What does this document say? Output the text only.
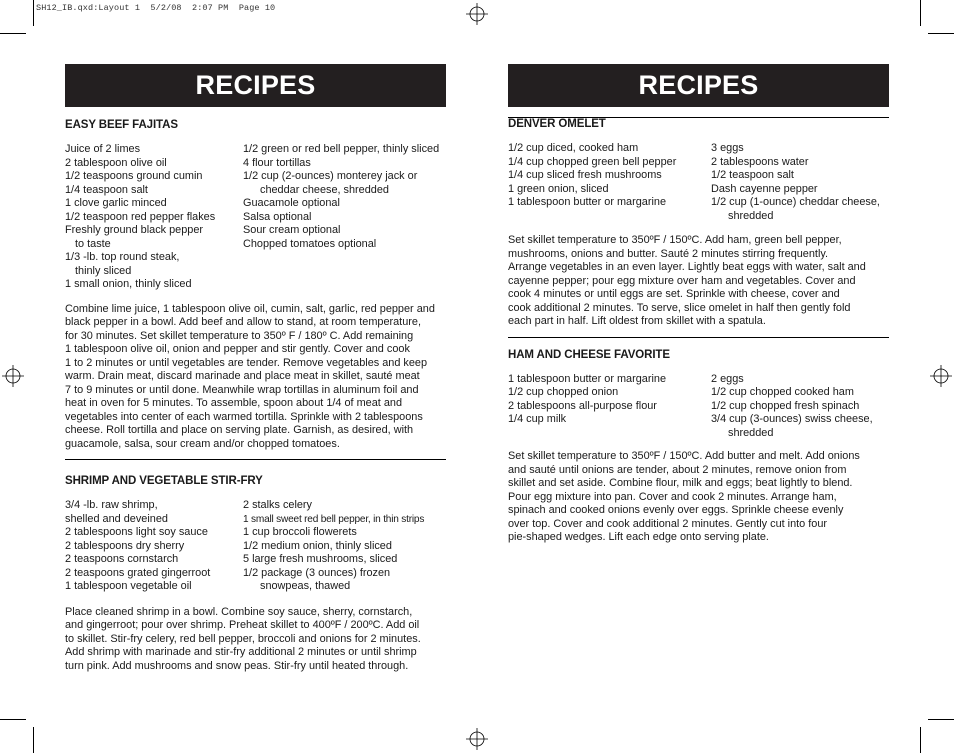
SH12_IB.qxd:Layout 1  5/2/08  2:07 PM  Page 10
RECIPES
EASY BEEF FAJITAS
Juice of 2 limes
2 tablespoon olive oil
1/2 teaspoons ground cumin
1/4 teaspoon salt
1 clove garlic minced
1/2 teaspoon red pepper flakes
Freshly ground black pepper
to taste
1/3 -lb. top round steak,
thinly sliced
1 small onion, thinly sliced
1/2 green or red bell pepper, thinly sliced
4 flour tortillas
1/2 cup (2-ounces) monterey jack or
cheddar cheese, shredded
Guacamole optional
Salsa optional
Sour cream optional
Chopped tomatoes optional
Combine lime juice, 1 tablespoon olive oil, cumin, salt, garlic, red pepper and
black pepper in a bowl. Add beef and allow to stand, at room temperature,
for 30 minutes. Set skillet temperature to 350º F / 180º C. Add remaining
1 tablespoon olive oil, onion and pepper and stir gently. Cover and cook
1 to 2 minutes or until vegetables are tender. Remove vegetables and keep
warm. Drain meat, discard marinade and place meat in skillet, sauté meat
7 to 9 minutes or until done. Meanwhile wrap tortillas in aluminum foil and
heat in oven for 5 minutes. To assemble, spoon about 1/4 of meat and
vegetables into center of each warmed tortilla. Sprinkle with 2 tablespoons
cheese. Roll tortilla and place on serving plate. Garnish, as desired, with
guacamole, salsa, sour cream and/or chopped tomatoes.
SHRIMP AND VEGETABLE STIR-FRY
3/4 -lb. raw shrimp,
shelled and deveined
2 tablespoons light soy sauce
2 tablespoons dry sherry
2 teaspoons cornstarch
2 teaspoons grated gingerroot
1 tablespoon vegetable oil
2 stalks celery
1 small sweet red bell pepper, in thin strips
1 cup broccoli flowerets
1/2 medium onion, thinly sliced
5 large fresh mushrooms, sliced
1/2 package (3 ounces) frozen
snowpeas, thawed
Place cleaned shrimp in a bowl. Combine soy sauce, sherry, cornstarch,
and gingerroot; pour over shrimp. Preheat skillet to 400ºF / 200ºC. Add oil
to skillet. Stir-fry celery, red bell pepper, broccoli and onions for 2 minutes.
Add shrimp with marinade and stir-fry additional 2 minutes or until shrimp
turn pink. Add mushrooms and snow peas. Stir-fry until heated through.
RECIPES
DENVER OMELET
1/2 cup diced, cooked ham
1/4 cup chopped green bell pepper
1/4 cup sliced fresh mushrooms
1 green onion, sliced
1 tablespoon butter or margarine
3 eggs
2 tablespoons water
1/2 teaspoon salt
Dash cayenne pepper
1/2 cup (1-ounce) cheddar cheese,
shredded
Set skillet temperature to 350ºF / 150ºC. Add ham, green bell pepper,
mushrooms, onions and butter. Sauté 2 minutes stirring frequently.
Arrange vegetables in an even layer. Lightly beat eggs with water, salt and
cayenne pepper; pour egg mixture over ham and vegetables. Cover and
cook 4 minutes or until eggs are set. Sprinkle with cheese, cover and
cook additional 2 minutes. To serve, slice omelet in half then gently fold
each part in half. Lift oldest from skillet with a spatula.
HAM AND CHEESE FAVORITE
1 tablespoon butter or margarine
1/2 cup chopped onion
2 tablespoons all-purpose flour
1/4 cup milk
2 eggs
1/2 cup chopped cooked ham
1/2 cup chopped fresh spinach
3/4 cup (3-ounces) swiss cheese,
shredded
Set skillet temperature to 350ºF / 150ºC. Add butter and melt. Add onions
and sauté until onions are tender, about 2 minutes, remove onion from
skillet and set aside. Combine flour, milk and eggs; beat lightly to blend.
Pour egg mixture into pan. Cover and cook 2 minutes. Arrange ham,
spinach and cooked onions evenly over eggs. Sprinkle cheese evenly
over top. Cover and cook additional 2 minutes. Gently cut into four
pie-shaped wedges. Lift each edge onto serving plate.
